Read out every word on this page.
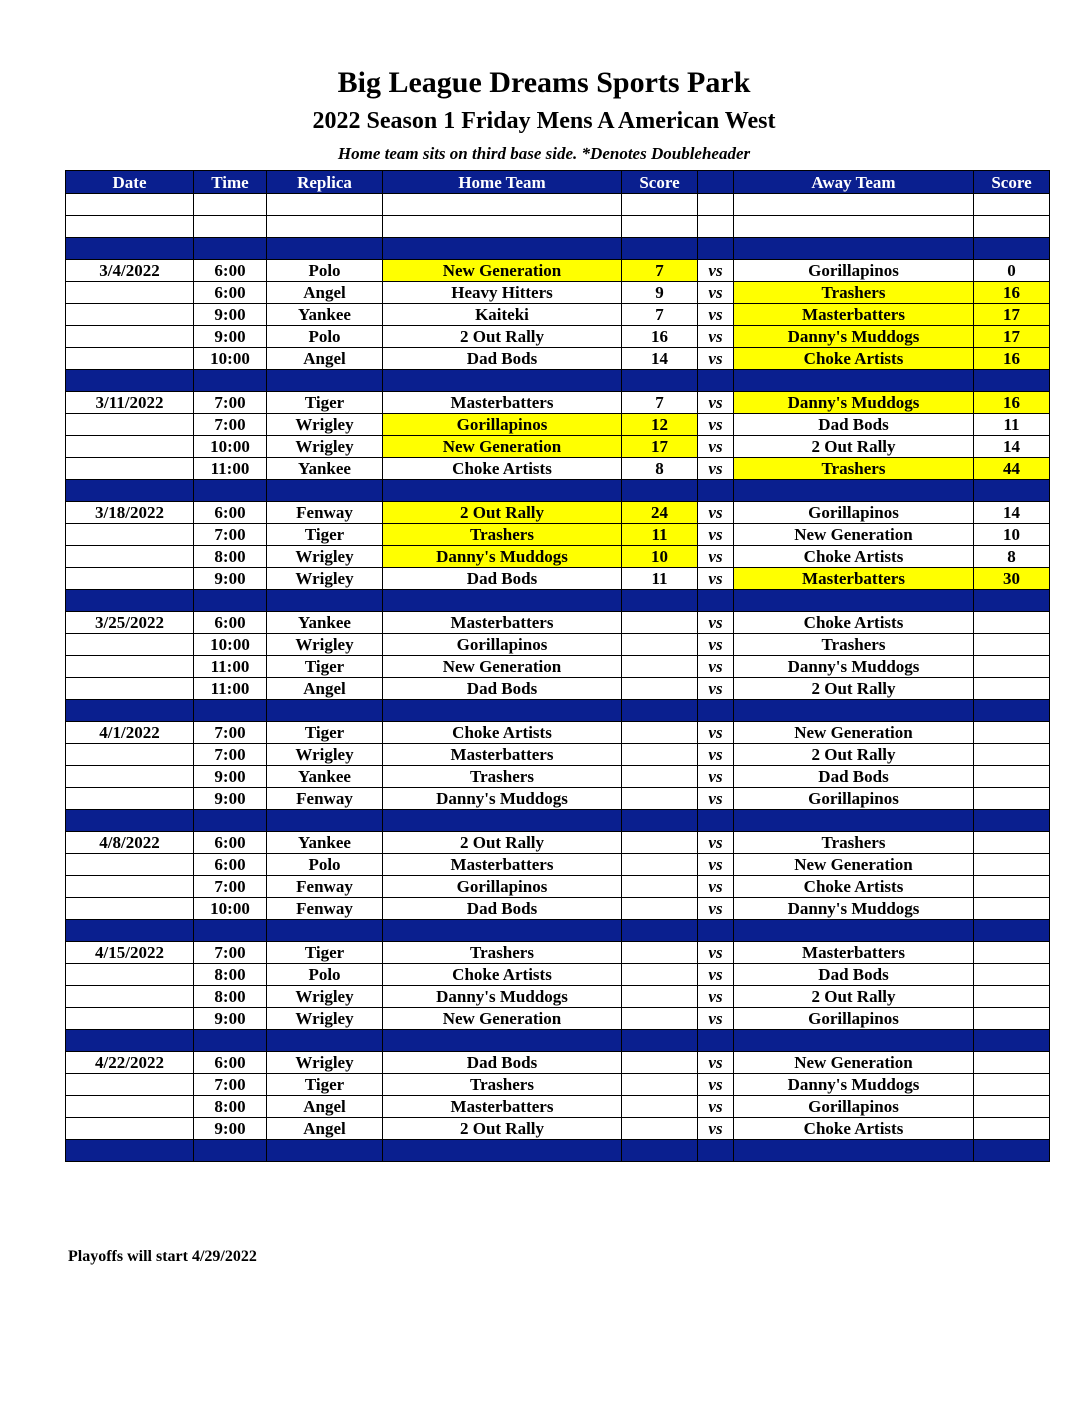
Big League Dreams Sports Park
2022 Season 1 Friday Mens A American West
Home team sits on third base side. *Denotes Doubleheader
Date	Time	Replica	Home Team	Score		Away Team	Score

3/4/2022	6:00	Polo	New Generation	7	vs	Gorillapinos	0
	6:00	Angel	Heavy Hitters	9	vs	Trashers	16
	9:00	Yankee	Kaiteki	7	vs	Masterbatters	17
	9:00	Polo	2 Out Rally	16	vs	Danny's Muddogs	17
	10:00	Angel	Dad Bods	14	vs	Choke Artists	16

3/11/2022	7:00	Tiger	Masterbatters	7	vs	Danny's Muddogs	16
	7:00	Wrigley	Gorillapinos	12	vs	Dad Bods	11
	10:00	Wrigley	New Generation	17	vs	2 Out Rally	14
	11:00	Yankee	Choke Artists	8	vs	Trashers	44

3/18/2022	6:00	Fenway	2 Out Rally	24	vs	Gorillapinos	14
	7:00	Tiger	Trashers	11	vs	New Generation	10
	8:00	Wrigley	Danny's Muddogs	10	vs	Choke Artists	8
	9:00	Wrigley	Dad Bods	11	vs	Masterbatters	30

3/25/2022	6:00	Yankee	Masterbatters		vs	Choke Artists	
	10:00	Wrigley	Gorillapinos		vs	Trashers	
	11:00	Tiger	New Generation		vs	Danny's Muddogs	
	11:00	Angel	Dad Bods		vs	2 Out Rally	

4/1/2022	7:00	Tiger	Choke Artists		vs	New Generation	
	7:00	Wrigley	Masterbatters		vs	2 Out Rally	
	9:00	Yankee	Trashers		vs	Dad Bods	
	9:00	Fenway	Danny's Muddogs		vs	Gorillapinos	

4/8/2022	6:00	Yankee	2 Out Rally		vs	Trashers	
	6:00	Polo	Masterbatters		vs	New Generation	
	7:00	Fenway	Gorillapinos		vs	Choke Artists	
	10:00	Fenway	Dad Bods		vs	Danny's Muddogs	

4/15/2022	7:00	Tiger	Trashers		vs	Masterbatters	
	8:00	Polo	Choke Artists		vs	Dad Bods	
	8:00	Wrigley	Danny's Muddogs		vs	2 Out Rally	
	9:00	Wrigley	New Generation		vs	Gorillapinos	

4/22/2022	6:00	Wrigley	Dad Bods		vs	New Generation	
	7:00	Tiger	Trashers		vs	Danny's Muddogs	
	8:00	Angel	Masterbatters		vs	Gorillapinos	
	9:00	Angel	2 Out Rally		vs	Choke Artists	

Playoffs will start 4/29/2022
